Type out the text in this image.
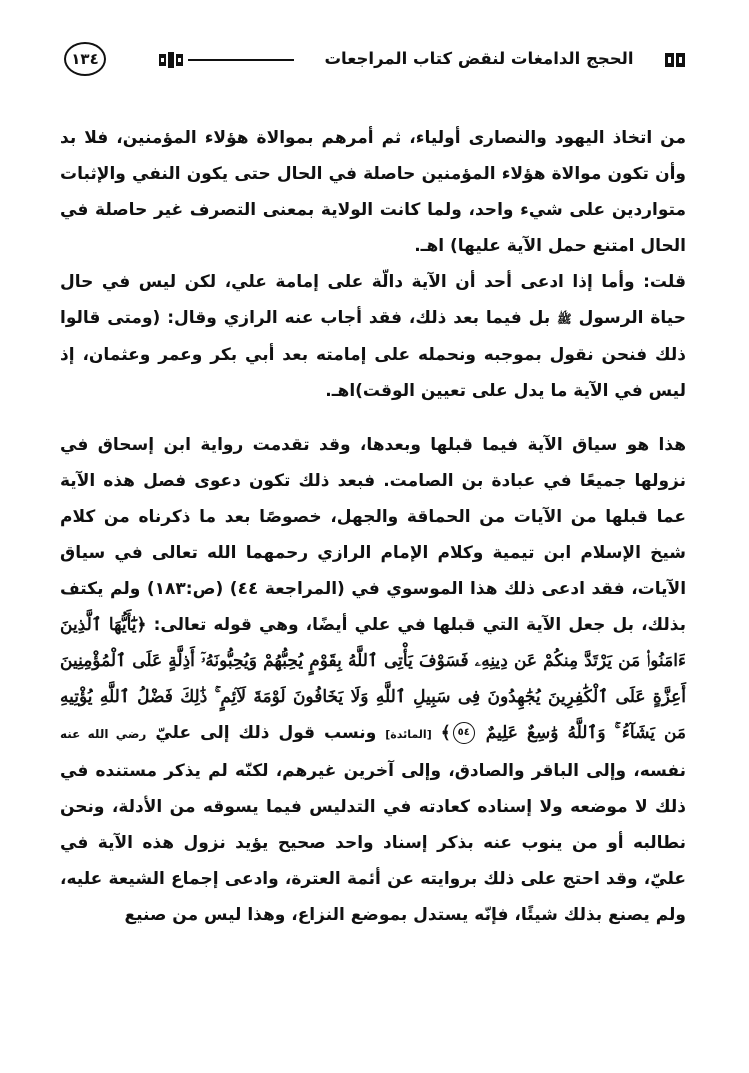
١٣٤	الحجج الدامغات لنقض كتاب المراجعات

من اتخاذ اليهود والنصارى أولياء، ثم أمرهم بموالاة هؤلاء المؤمنين، فلا بد وأن تكون موالاة هؤلاء المؤمنين حاصلة في الحال حتى يكون النفي والإثبات متواردين على شيء واحد، ولما كانت الولاية بمعنى التصرف غير حاصلة في الحال امتنع حمل الآية عليها) اهـ.

قلت: وأما إذا ادعى أحد أن الآية دالّة على إمامة علي، لكن ليس في حال حياة الرسول ﷺ بل فيما بعد ذلك، فقد أجاب عنه الرازي وقال: (ومتى قالوا ذلك فنحن نقول بموجبه ونحمله على إمامته بعد أبي بكر وعمر وعثمان، إذ ليس في الآية ما يدل على تعيين الوقت)اهـ.

هذا هو سياق الآية فيما قبلها وبعدها، وقد تقدمت رواية ابن إسحاق في نزولها جميعًا في عبادة بن الصامت. فبعد ذلك تكون دعوى فصل هذه الآية عما قبلها من الآيات من الحماقة والجهل، خصوصًا بعد ما ذكرناه من كلام شيخ الإسلام ابن تيمية وكلام الإمام الرازي رحمهما الله تعالى في سياق الآيات، فقد ادعى ذلك هذا الموسوي في (المراجعة ٤٤) (ص:١٨٣) ولم يكتف بذلك، بل جعل الآية التي قبلها في علي أيضًا، وهي قوله تعالى: ﴿يَٰٓأَيُّهَا ٱلَّذِينَ ءَامَنُوا۟ مَن يَرْتَدَّ مِنكُمْ عَن دِينِهِۦ فَسَوْفَ يَأْتِى ٱللَّهُ بِقَوْمٍ يُحِبُّهُمْ وَيُحِبُّونَهُۥٓ أَذِلَّةٍ عَلَى ٱلْمُؤْمِنِينَ أَعِزَّةٍ عَلَى ٱلْكَٰفِرِينَ يُجَٰهِدُونَ فِى سَبِيلِ ٱللَّهِ وَلَا يَخَافُونَ لَوْمَةَ لَآئِمٍ ۚ ذَٰلِكَ فَضْلُ ٱللَّهِ يُؤْتِيهِ مَن يَشَآءُ ۚ وَٱللَّهُ وَٰسِعٌ عَلِيمٌ ٥٤﴾ [المائدة] ونسب قول ذلك إلى عليّ رضي الله عنه نفسه، وإلى الباقر والصادق، وإلى آخرين غيرهم، لكنّه لم يذكر مستنده في ذلك لا موضعه ولا إسناده كعادته في التدليس فيما يسوقه من الأدلة، ونحن نطالبه أو من ينوب عنه بذكر إسناد واحد صحيح يؤيد نزول هذه الآية في عليّ، وقد احتج على ذلك بروايته عن أئمة العترة، وادعى إجماع الشيعة عليه، ولم يصنع بذلك شيئًا، فإنّه يستدل بموضع النزاع، وهذا ليس من صنيع
